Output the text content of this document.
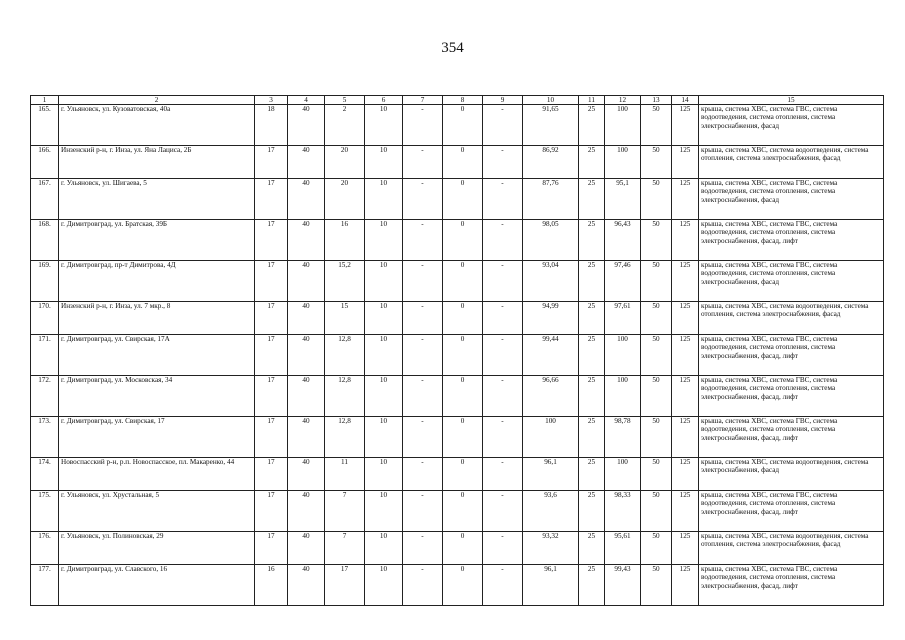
354
1	2	3	4	5	6	7	8	9	10	11	12	13	14	15
165.	г. Ульяновск, ул. Кузоватовская, 40а	18	40	2	10	-	0	-	91,65	25	100	50	125	крыша, система ХВС, система ГВС, система водоотведения, система отопления, система электроснабжения, фасад
166.	Инзенский р-н, г. Инза, ул. Яна Лациса, 2Б	17	40	20	10	-	0	-	86,92	25	100	50	125	крыша, система ХВС, система водоотведения, система отопления, система электроснабжения, фасад
167.	г. Ульяновск, ул. Шигаева, 5	17	40	20	10	-	0	-	87,76	25	95,1	50	125	крыша, система ХВС, система ГВС, система водоотведения, система отопления, система электроснабжения, фасад
168.	г. Димитровград, ул. Братская, 39Б	17	40	16	10	-	0	-	98,05	25	96,43	50	125	крыша, система ХВС, система ГВС, система водоотведения, система отопления, система электроснабжения, фасад, лифт
169.	г. Димитровград, пр-т Димитрова, 4Д	17	40	15,2	10	-	0	-	93,04	25	97,46	50	125	крыша, система ХВС, система ГВС, система водоотведения, система отопления, система электроснабжения, фасад
170.	Инзенский р-н, г. Инза, ул. 7 мкр., 8	17	40	15	10	-	0	-	94,99	25	97,61	50	125	крыша, система ХВС, система водоотведения, система отопления, система электроснабжения, фасад
171.	г. Димитровград, ул. Свирская, 17А	17	40	12,8	10	-	0	-	99,44	25	100	50	125	крыша, система ХВС, система ГВС, система водоотведения, система отопления, система электроснабжения, фасад, лифт
172.	г. Димитровград, ул. Московская, 34	17	40	12,8	10	-	0	-	96,66	25	100	50	125	крыша, система ХВС, система ГВС, система водоотведения, система отопления, система электроснабжения, фасад, лифт
173.	г. Димитровград, ул. Свирская, 17	17	40	12,8	10	-	0	-	100	25	98,78	50	125	крыша, система ХВС, система ГВС, система водоотведения, система отопления, система электроснабжения, фасад, лифт
174.	Новоспасский р-н, р.п. Новоспасское, пл. Макаренко, 44	17	40	11	10	-	0	-	96,1	25	100	50	125	крыша, система ХВС, система водоотведения, система электроснабжения, фасад
175.	г. Ульяновск, ул. Хрустальная, 5	17	40	7	10	-	0	-	93,6	25	98,33	50	125	крыша, система ХВС, система ГВС, система водоотведения, система отопления, система электроснабжения, фасад, лифт
176.	г. Ульяновск, ул. Полиновская, 29	17	40	7	10	-	0	-	93,32	25	95,61	50	125	крыша, система ХВС, система водоотведения, система отопления, система электроснабжения, фасад
177.	г. Димитровград, ул. Славского, 16	16	40	17	10	-	0	-	96,1	25	99,43	50	125	крыша, система ХВС, система ГВС, система водоотведения, система отопления, система электроснабжения, фасад, лифт
